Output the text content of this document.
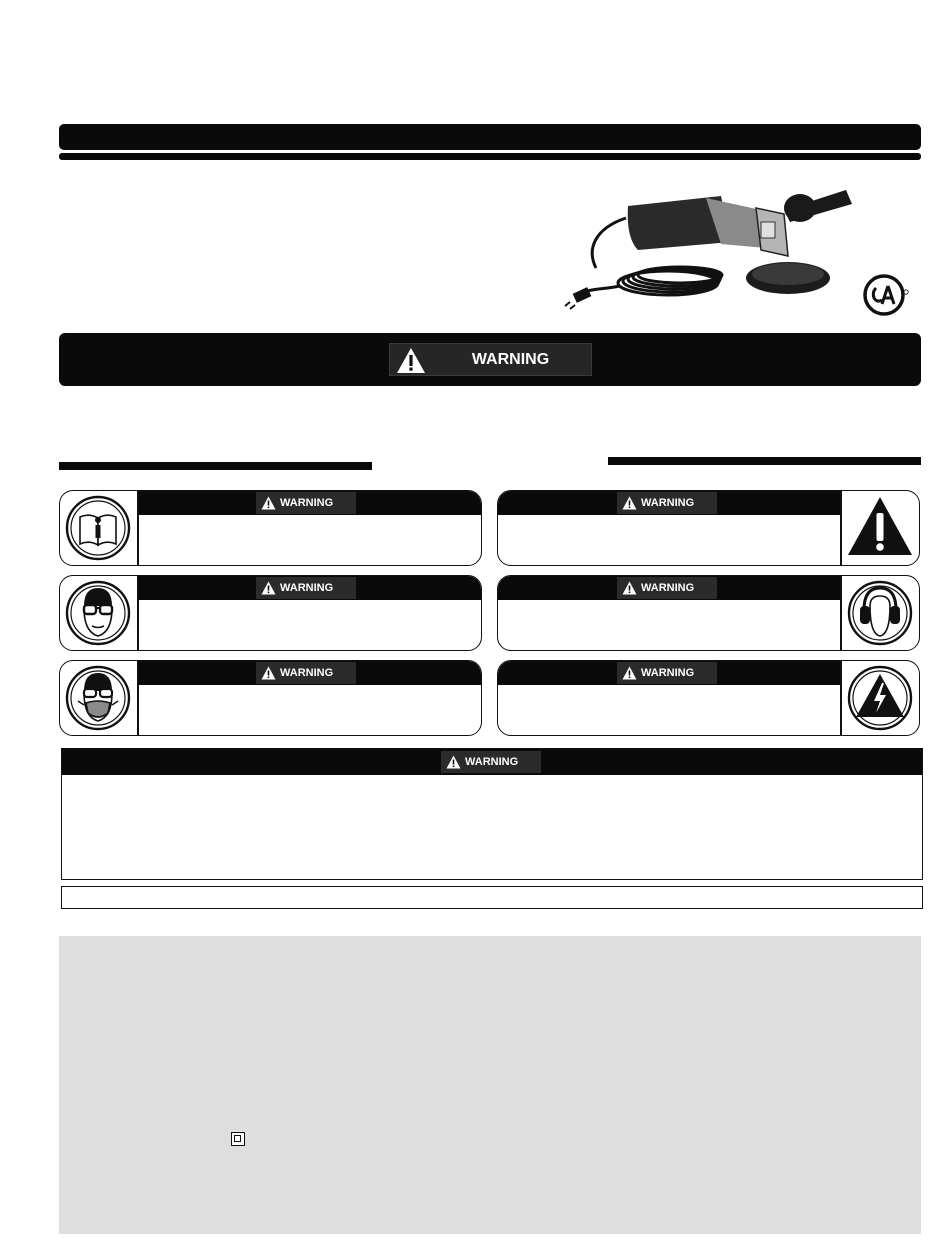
WARNING
WARNING	WARNING
WARNING	WARNING
WARNING	WARNING
WARNING
